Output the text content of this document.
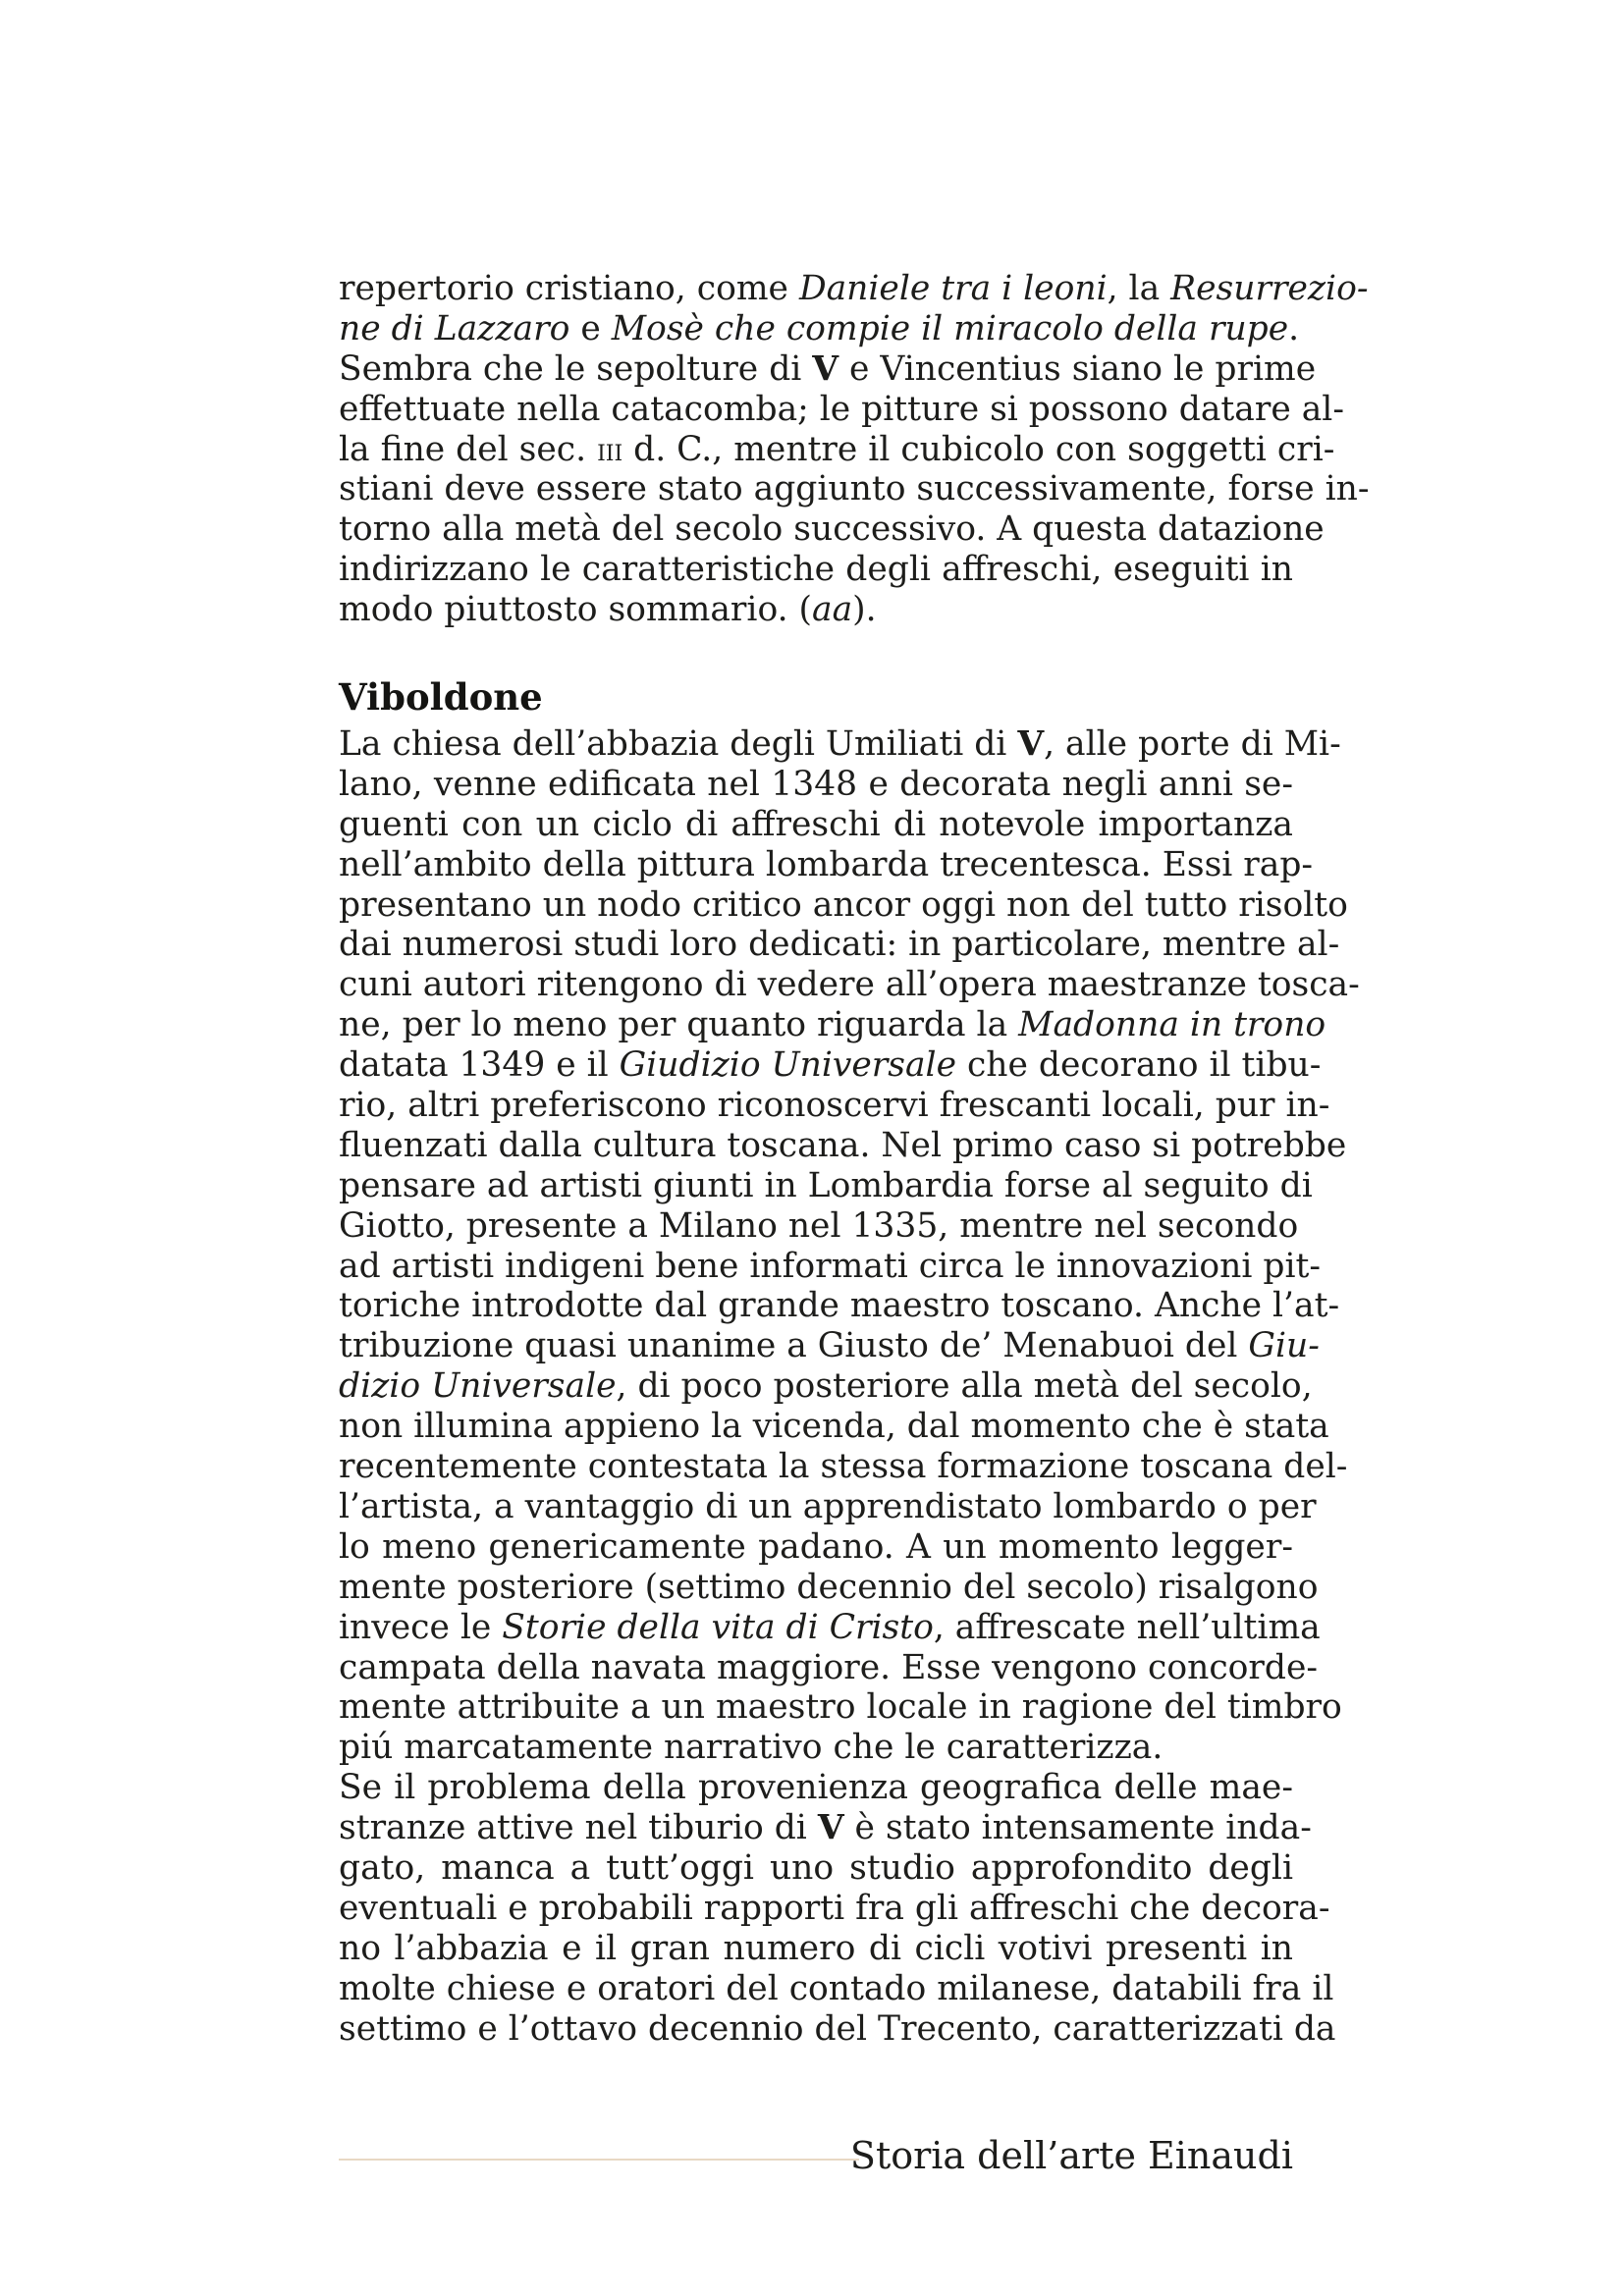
repertorio cristiano, come Daniele tra i leoni, la Resurrezio-
ne di Lazzaro e Mosè che compie il miracolo della rupe.
Sembra che le sepolture di V e Vincentius siano le prime
effettuate nella catacomba; le pitture si possono datare al-
la fine del sec. iii d. C., mentre il cubicolo con soggetti cri-
stiani deve essere stato aggiunto successivamente, forse in-
torno alla metà del secolo successivo. A questa datazione
indirizzano le caratteristiche degli affreschi, eseguiti in
modo piuttosto sommario. (aa).
Viboldone
La chiesa dell’abbazia degli Umiliati di V, alle porte di Mi-
lano, venne edificata nel 1348 e decorata negli anni se-
guenti con un ciclo di affreschi di notevole importanza
nell’ambito della pittura lombarda trecentesca. Essi rap-
presentano un nodo critico ancor oggi non del tutto risolto
dai numerosi studi loro dedicati: in particolare, mentre al-
cuni autori ritengono di vedere all’opera maestranze tosca-
ne, per lo meno per quanto riguarda la Madonna in trono
datata 1349 e il Giudizio Universale che decorano il tibu-
rio, altri preferiscono riconoscervi frescanti locali, pur in-
fluenzati dalla cultura toscana. Nel primo caso si potrebbe
pensare ad artisti giunti in Lombardia forse al seguito di
Giotto, presente a Milano nel 1335, mentre nel secondo
ad artisti indigeni bene informati circa le innovazioni pit-
toriche introdotte dal grande maestro toscano. Anche l’at-
tribuzione quasi unanime a Giusto de’ Menabuoi del Giu-
dizio Universale, di poco posteriore alla metà del secolo,
non illumina appieno la vicenda, dal momento che è stata
recentemente contestata la stessa formazione toscana del-
l’artista, a vantaggio di un apprendistato lombardo o per
lo meno genericamente padano. A un momento legger-
mente posteriore (settimo decennio del secolo) risalgono
invece le Storie della vita di Cristo, affrescate nell’ultima
campata della navata maggiore. Esse vengono concorde-
mente attribuite a un maestro locale in ragione del timbro
piú marcatamente narrativo che le caratterizza.
Se il problema della provenienza geografica delle mae-
stranze attive nel tiburio di V è stato intensamente inda-
gato, manca a tutt’oggi uno studio approfondito degli
eventuali e probabili rapporti fra gli affreschi che decora-
no l’abbazia e il gran numero di cicli votivi presenti in
molte chiese e oratori del contado milanese, databili fra il
settimo e l’ottavo decennio del Trecento, caratterizzati da
Storia dell’arte Einaudi
